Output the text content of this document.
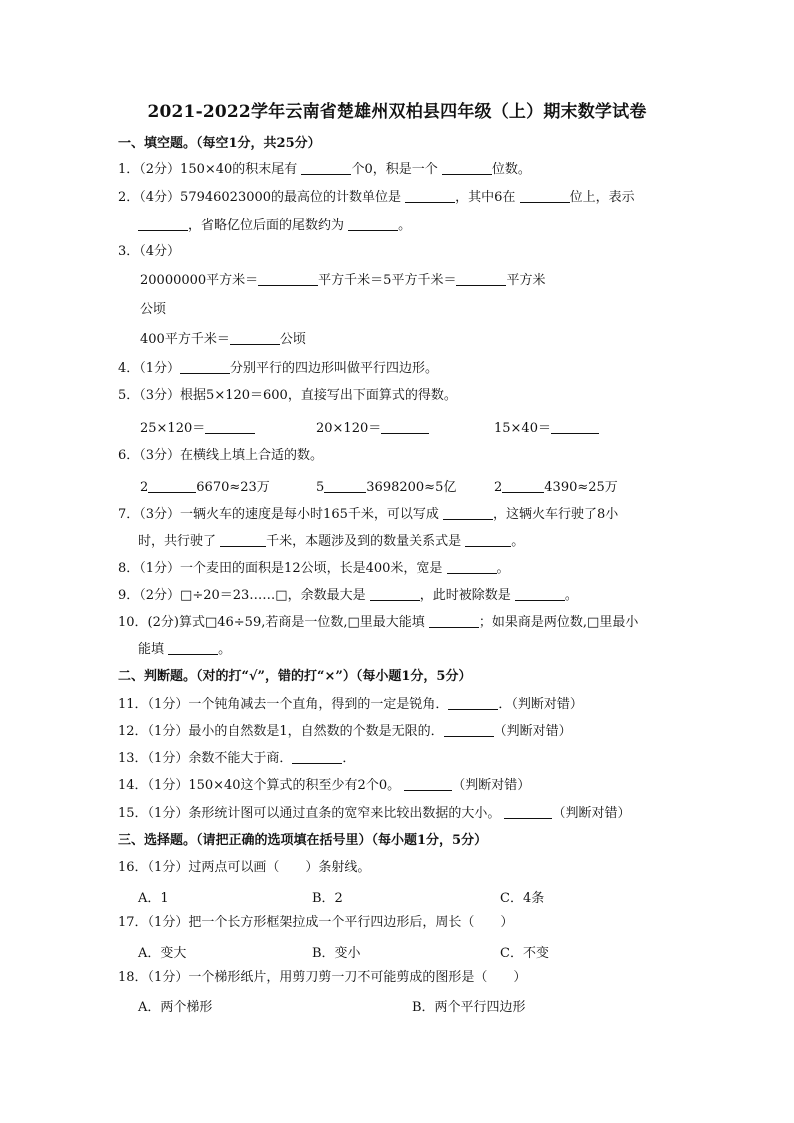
2021-2022学年云南省楚雄州双柏县四年级（上）期末数学试卷
一、填空题。（每空1分，共25分）
1．（2分）150×40的积末尾有	个0，积是一个	位数。
2．（4分）57946023000的最高位的计数单位是	，其中6在	位上，表示
，省略亿位后面的尾数约为	。
3．（4分）
20000000平方米＝	平方千米＝5平方千米＝	平方米
公顷
400平方千米＝	公顷
4．（1分）	分别平行的四边形叫做平行四边形。
5．（3分）根据5×120＝600，直接写出下面算式的得数。
25×120＝	20×120＝	15×40＝
6．（3分）在横线上填上合适的数。
2	6670≈23万	5	3698200≈5亿	2	4390≈25万
7．（3分）一辆火车的速度是每小时165千米，可以写成	，这辆火车行驶了8小
时，共行驶了	千米，本题涉及到的数量关系式是	。
8．（1分）一个麦田的面积是12公顷，长是400米，宽是	。
9．（2分）□÷20＝23……□，余数最大是	，此时被除数是	。
10．(2分)算式□46÷59,若商是一位数,□里最大能填	；如果商是两位数,□里最小
能填	。
二、判断题。（对的打“√”，错的打“×”）（每小题1分，5分）
11．（1分）一个钝角减去一个直角，得到的一定是锐角．	．（判断对错）
12．（1分）最小的自然数是1，自然数的个数是无限的．	（判断对错）
13．（1分）余数不能大于商．	．
14．（1分）150×40这个算式的积至少有2个0。	（判断对错）
15．（1分）条形统计图可以通过直条的宽窄来比较出数据的大小。	（判断对错）
三、选择题。（请把正确的选项填在括号里）（每小题1分，5分）
16．（1分）过两点可以画（　　）条射线。
A．1	B．2	C．4条
17．（1分）把一个长方形框架拉成一个平行四边形后，周长（　　）
A．变大	B．变小	C．不变
18．（1分）一个梯形纸片，用剪刀剪一刀不可能剪成的图形是（　　）
A．两个梯形	B．两个平行四边形
